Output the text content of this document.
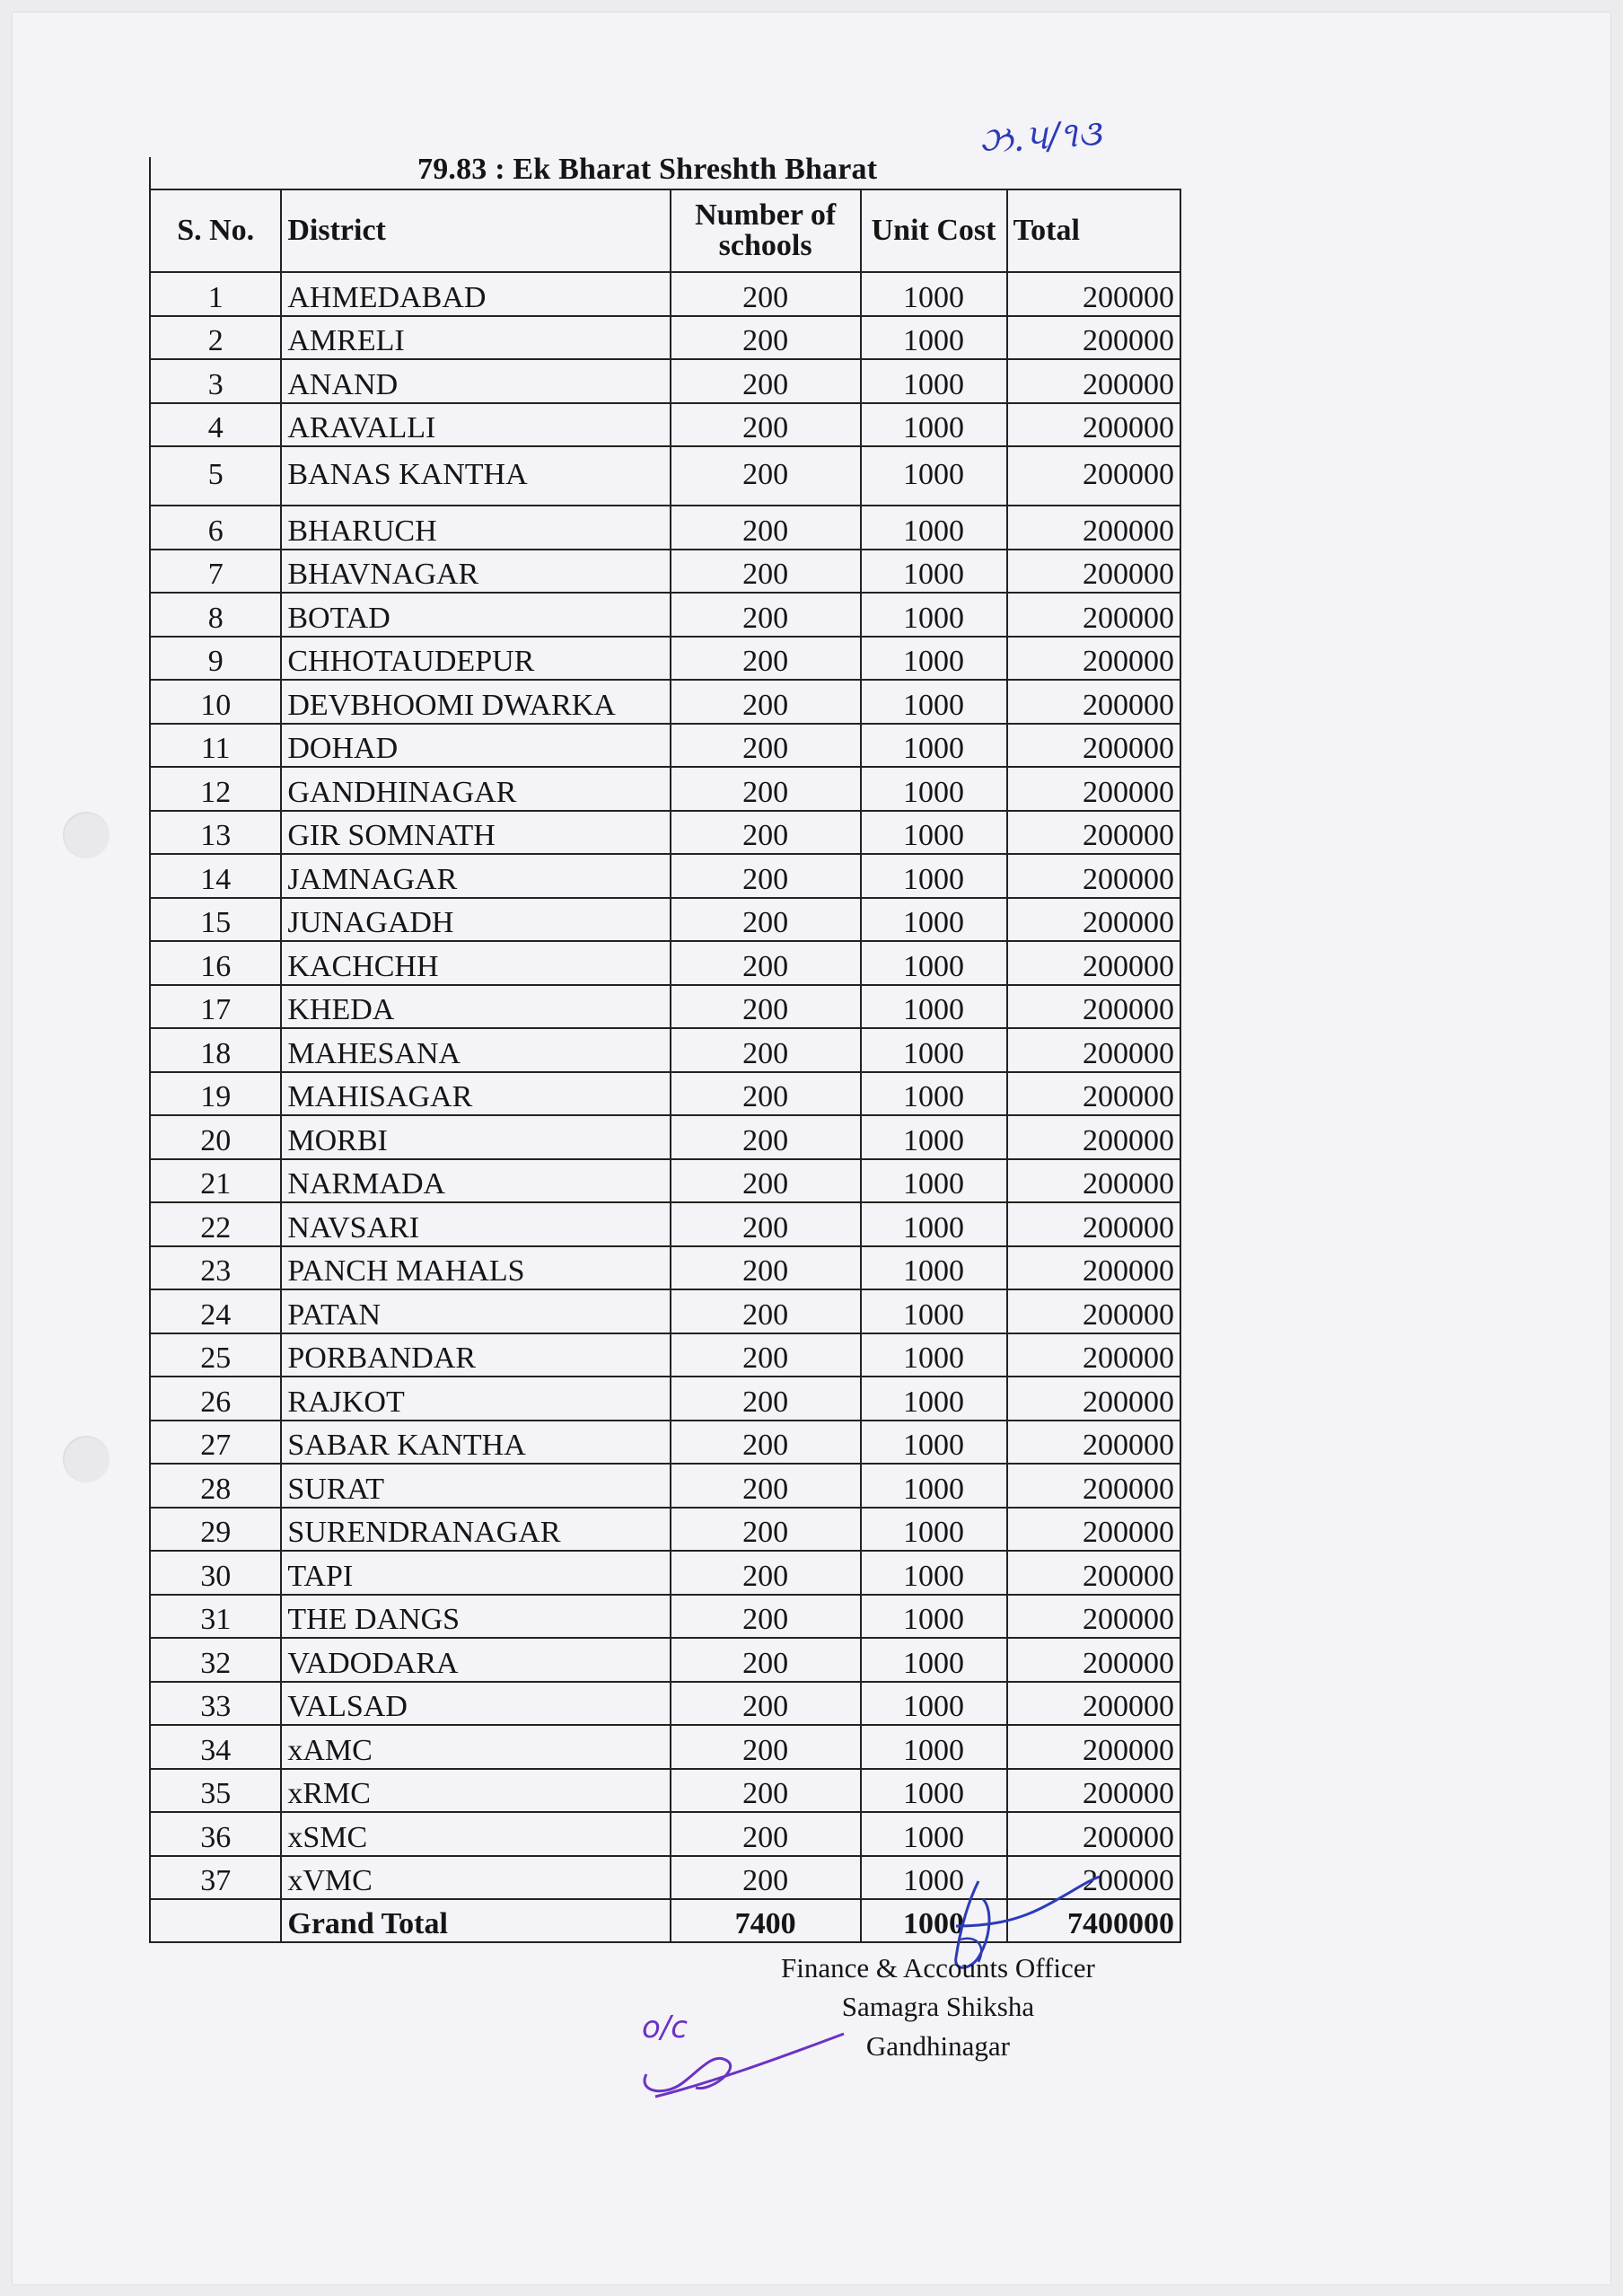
ઝ.૫/૧૩
79.83 : Ek Bharat Shreshth Bharat
S. No.	District	Number of schools	Unit Cost	Total
1	AHMEDABAD	200	1000	200000
2	AMRELI	200	1000	200000
3	ANAND	200	1000	200000
4	ARAVALLI	200	1000	200000
5	BANAS KANTHA	200	1000	200000
6	BHARUCH	200	1000	200000
7	BHAVNAGAR	200	1000	200000
8	BOTAD	200	1000	200000
9	CHHOTAUDEPUR	200	1000	200000
10	DEVBHOOMI DWARKA	200	1000	200000
11	DOHAD	200	1000	200000
12	GANDHINAGAR	200	1000	200000
13	GIR SOMNATH	200	1000	200000
14	JAMNAGAR	200	1000	200000
15	JUNAGADH	200	1000	200000
16	KACHCHH	200	1000	200000
17	KHEDA	200	1000	200000
18	MAHESANA	200	1000	200000
19	MAHISAGAR	200	1000	200000
20	MORBI	200	1000	200000
21	NARMADA	200	1000	200000
22	NAVSARI	200	1000	200000
23	PANCH MAHALS	200	1000	200000
24	PATAN	200	1000	200000
25	PORBANDAR	200	1000	200000
26	RAJKOT	200	1000	200000
27	SABAR KANTHA	200	1000	200000
28	SURAT	200	1000	200000
29	SURENDRANAGAR	200	1000	200000
30	TAPI	200	1000	200000
31	THE DANGS	200	1000	200000
32	VADODARA	200	1000	200000
33	VALSAD	200	1000	200000
34	xAMC	200	1000	200000
35	xRMC	200	1000	200000
36	xSMC	200	1000	200000
37	xVMC	200	1000	200000
	Grand Total	7400	1000	7400000
Finance & Accounts Officer
Samagra Shiksha
Gandhinagar
o/c
